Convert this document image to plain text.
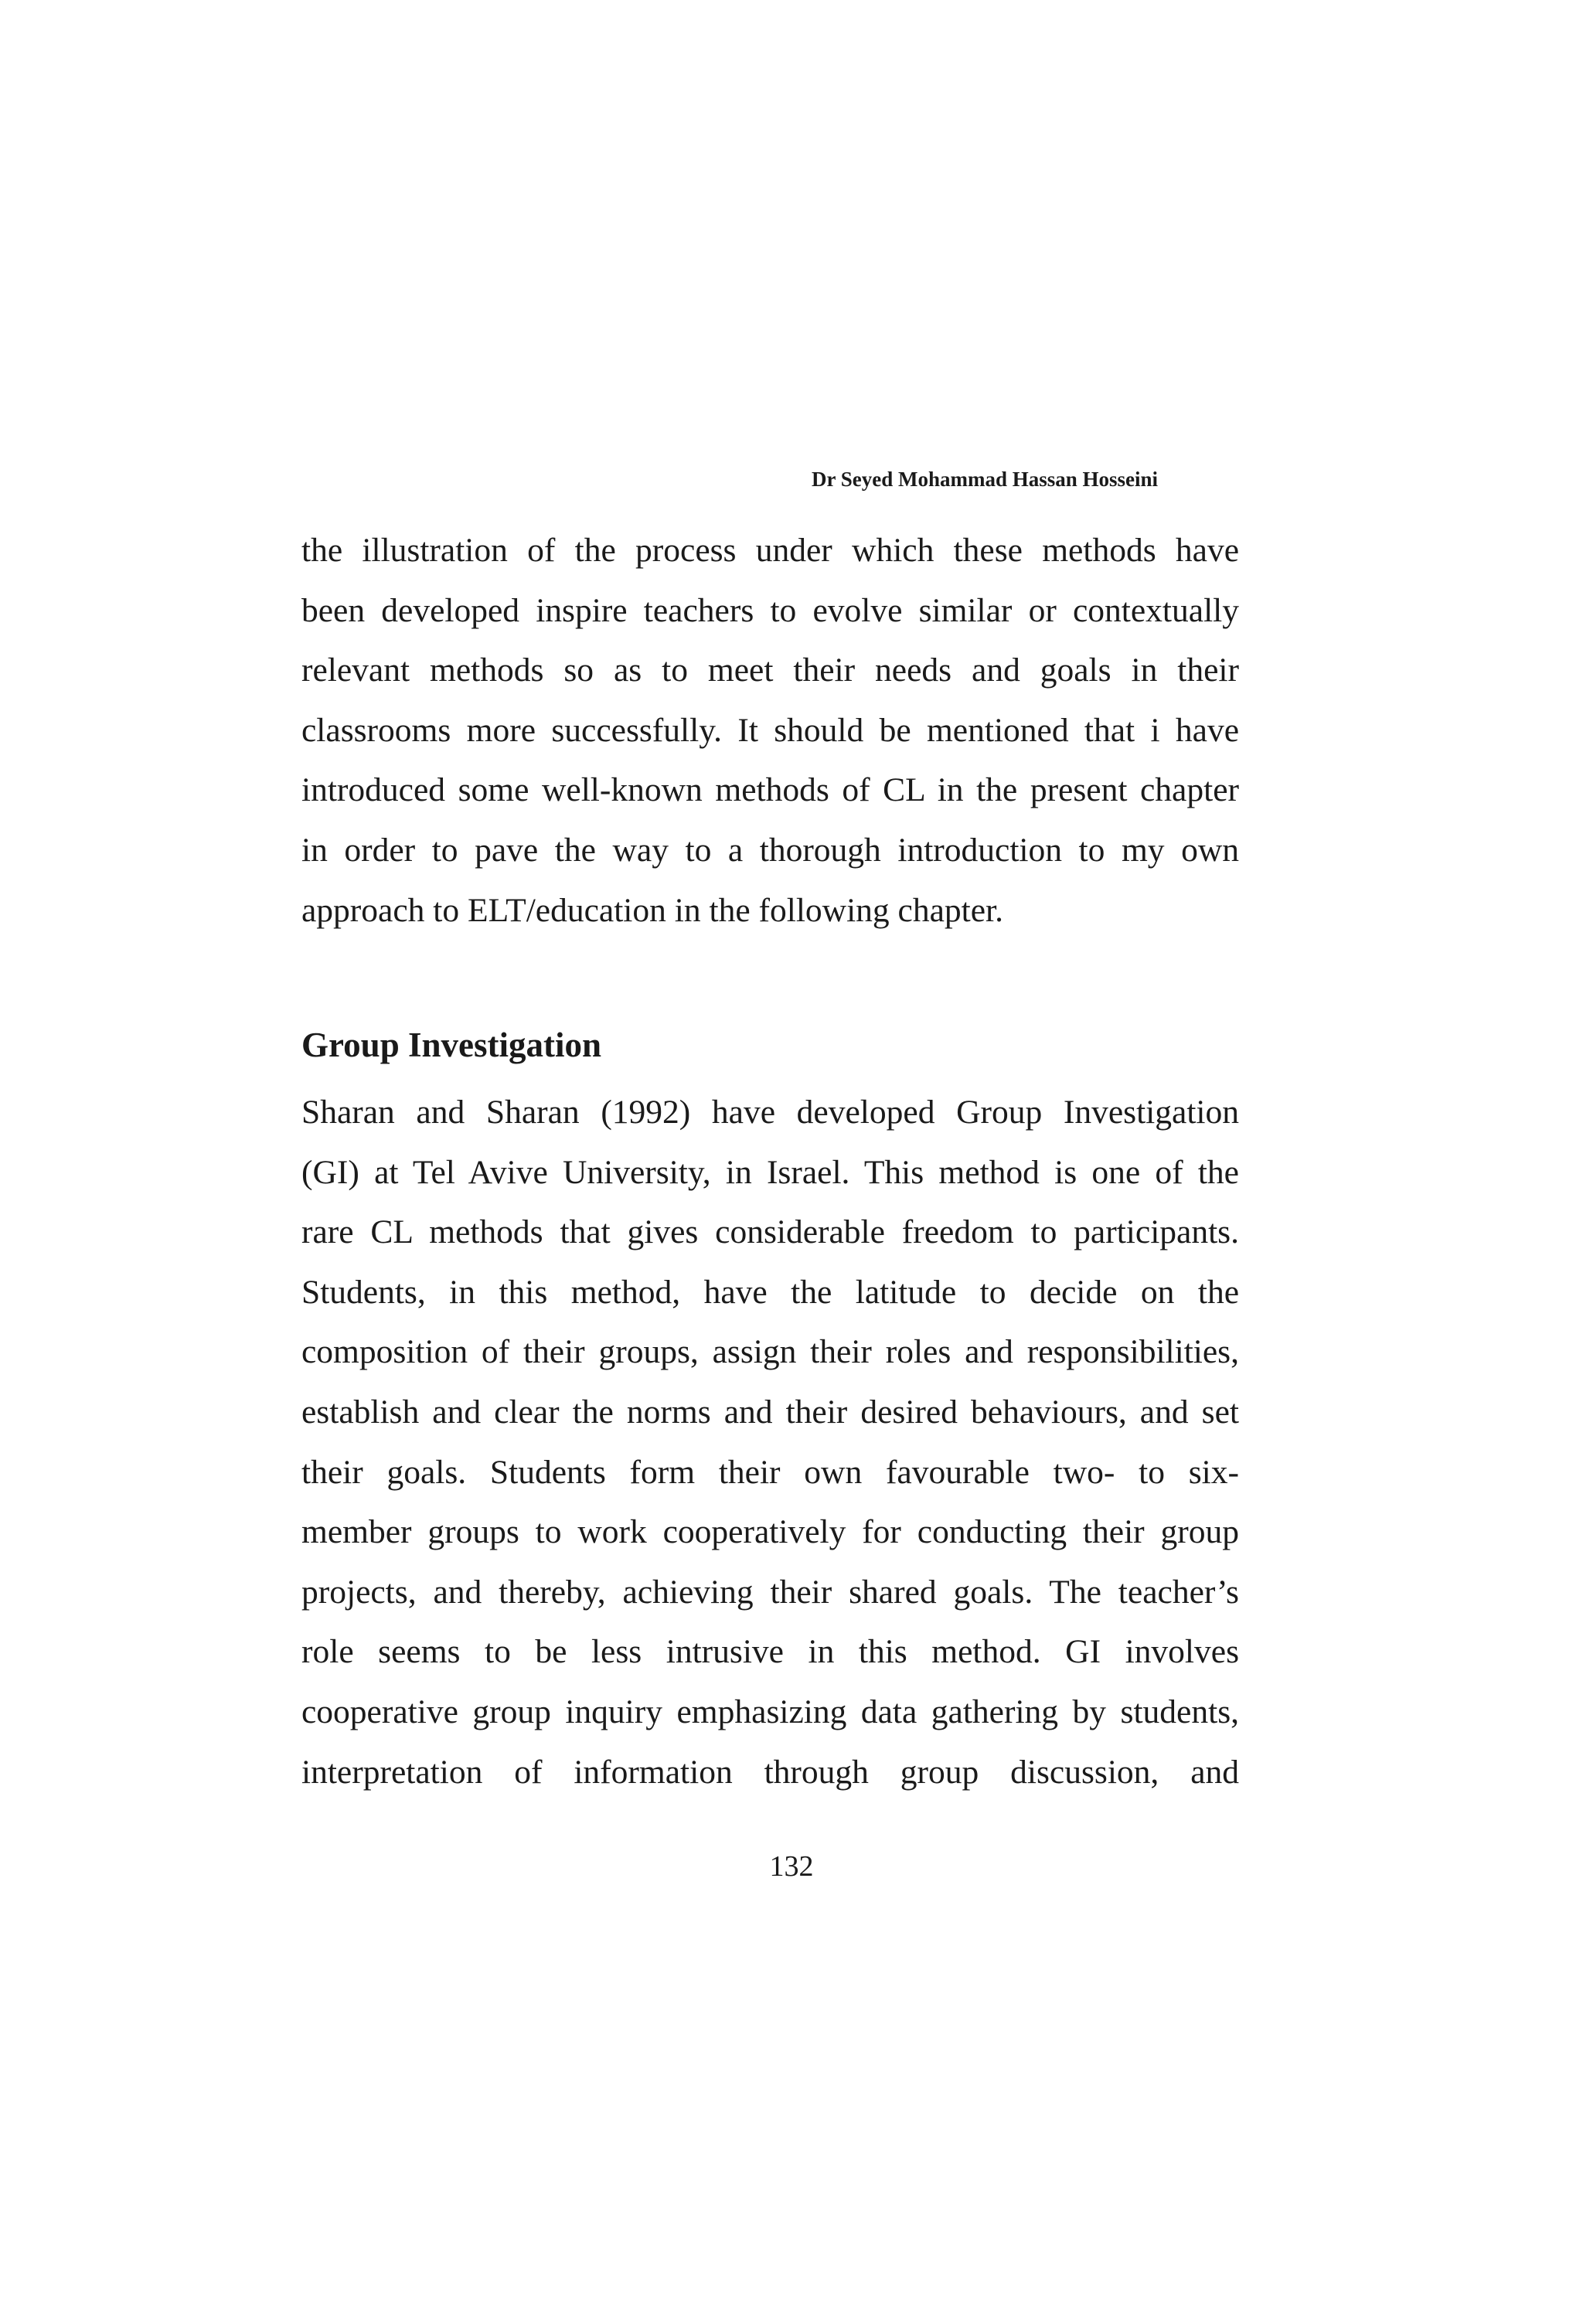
Dr Seyed Mohammad Hassan Hosseini
the illustration of the process under which these methods have
been developed inspire teachers to evolve similar or contextually
relevant methods so as to meet their needs and goals in their
classrooms more successfully. It should be mentioned that i have
introduced some well-known methods of CL in the present chapter
in order to pave the way to a thorough introduction to my own
approach to ELT/education in the following chapter.
Group Investigation
Sharan and Sharan (1992) have developed Group Investigation
(GI) at Tel Avive University, in Israel. This method is one of the
rare CL methods that gives considerable freedom to participants.
Students, in this method, have the latitude to decide on the
composition of their groups, assign their roles and responsibilities,
establish and clear the norms and their desired behaviours, and set
their goals. Students form their own favourable two- to six-
member groups to work cooperatively for conducting their group
projects, and thereby, achieving their shared goals. The teacher’s
role seems to be less intrusive in this method. GI involves
cooperative group inquiry emphasizing data gathering by students,
interpretation of information through group discussion, and
132
